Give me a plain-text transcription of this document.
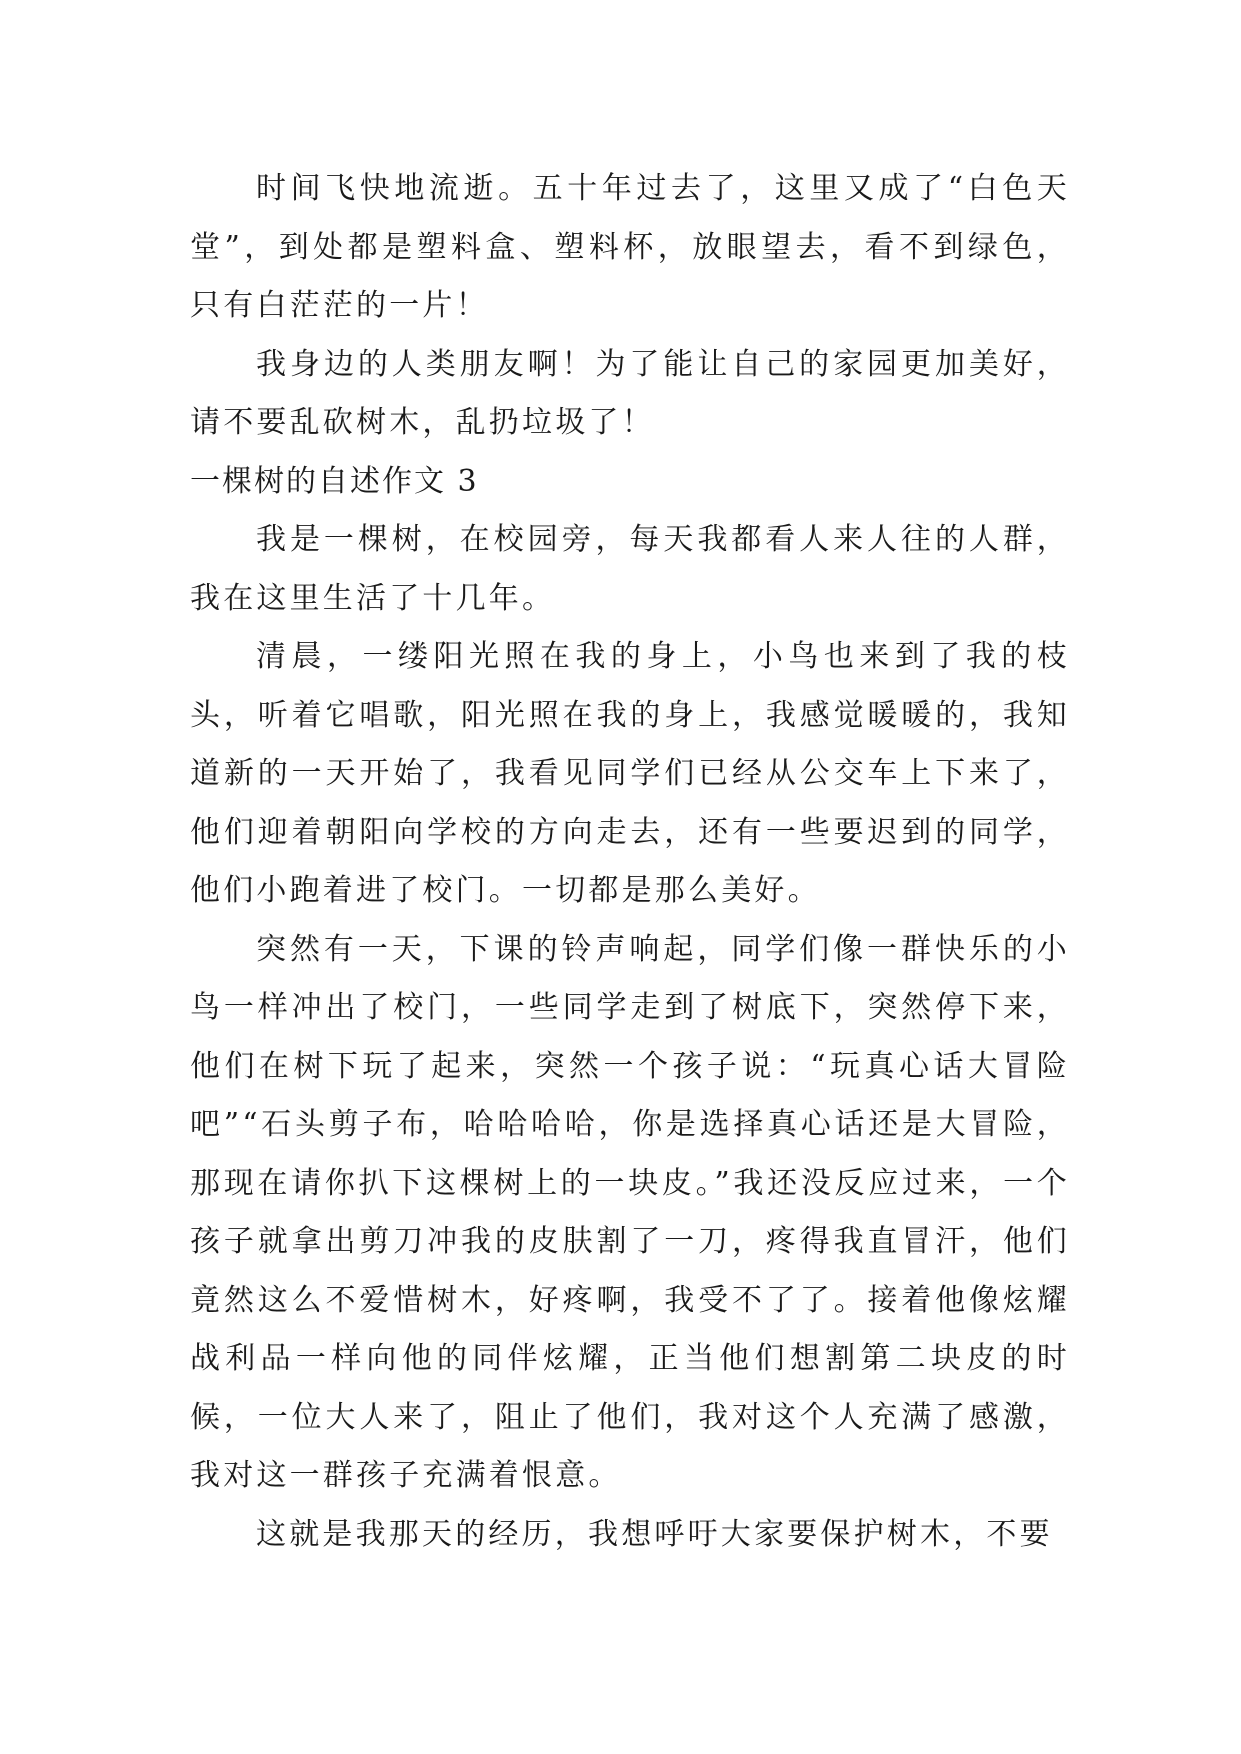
时间飞快地流逝。五十年过去了，这里又成了“白色天堂”，到处都是塑料盒、塑料杯，放眼望去，看不到绿色，只有白茫茫的一片！

我身边的人类朋友啊！为了能让自己的家园更加美好，请不要乱砍树木，乱扔垃圾了！

一棵树的自述作文 3

我是一棵树，在校园旁，每天我都看人来人往的人群，我在这里生活了十几年。

清晨，一缕阳光照在我的身上，小鸟也来到了我的枝头，听着它唱歌，阳光照在我的身上，我感觉暖暖的，我知道新的一天开始了，我看见同学们已经从公交车上下来了，他们迎着朝阳向学校的方向走去，还有一些要迟到的同学，他们小跑着进了校门。一切都是那么美好。

突然有一天，下课的铃声响起，同学们像一群快乐的小鸟一样冲出了校门，一些同学走到了树底下，突然停下来，他们在树下玩了起来，突然一个孩子说：“玩真心话大冒险吧”“石头剪子布，哈哈哈哈，你是选择真心话还是大冒险，那现在请你扒下这棵树上的一块皮。”我还没反应过来，一个孩子就拿出剪刀冲我的皮肤割了一刀，疼得我直冒汗，他们竟然这么不爱惜树木，好疼啊，我受不了了。接着他像炫耀战利品一样向他的同伴炫耀，正当他们想割第二块皮的时候，一位大人来了，阻止了他们，我对这个人充满了感激，我对这一群孩子充满着恨意。

这就是我那天的经历，我想呼吁大家要保护树木，不要
